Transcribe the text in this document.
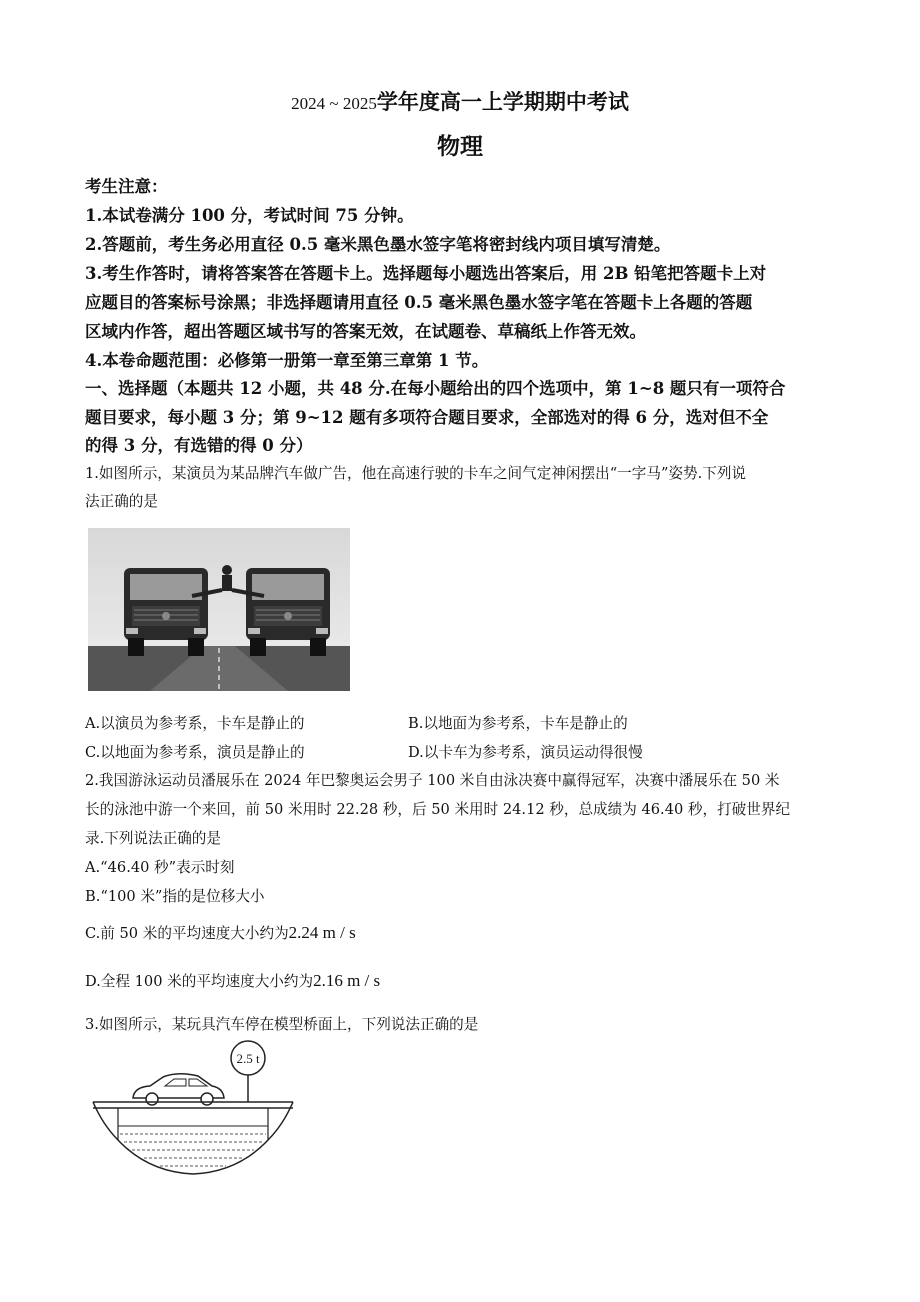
2024 ~ 2025学年度高一上学期期中考试
物理
考生注意：
1.本试卷满分 100 分，考试时间 75 分钟。
2.答题前，考生务必用直径 0.5 毫米黑色墨水签字笔将密封线内项目填写清楚。
3.考生作答时，请将答案答在答题卡上。选择题每小题选出答案后，用 2B 铅笔把答题卡上对
应题目的答案标号涂黑；非选择题请用直径 0.5 毫米黑色墨水签字笔在答题卡上各题的答题
区域内作答，超出答题区域书写的答案无效，在试题卷、草稿纸上作答无效。
4.本卷命题范围：必修第一册第一章至第三章第 1 节。
一、选择题（本题共 12 小题，共 48 分.在每小题给出的四个选项中，第 1~8 题只有一项符合
题目要求，每小题 3 分；第 9~12 题有多项符合题目要求，全部选对的得 6 分，选对但不全
的得 3 分，有选错的得 0 分）
1.如图所示，某演员为某品牌汽车做广告，他在高速行驶的卡车之间气定神闲摆出“一字马”姿势.下列说
法正确的是
A.以演员为参考系，卡车是静止的	B.以地面为参考系，卡车是静止的
C.以地面为参考系，演员是静止的	D.以卡车为参考系，演员运动得很慢
2.我国游泳运动员潘展乐在 2024 年巴黎奥运会男子 100 米自由泳决赛中赢得冠军，决赛中潘展乐在 50 米
长的泳池中游一个来回，前 50 米用时 22.28 秒，后 50 米用时 24.12 秒，总成绩为 46.40 秒，打破世界纪
录.下列说法正确的是
A.“46.40 秒”表示时刻
B.“100 米”指的是位移大小
C.前 50 米的平均速度大小约为2.24 m / s
D.全程 100 米的平均速度大小约为2.16 m / s
3.如图所示，某玩具汽车停在模型桥面上，下列说法正确的是
2.5 t
